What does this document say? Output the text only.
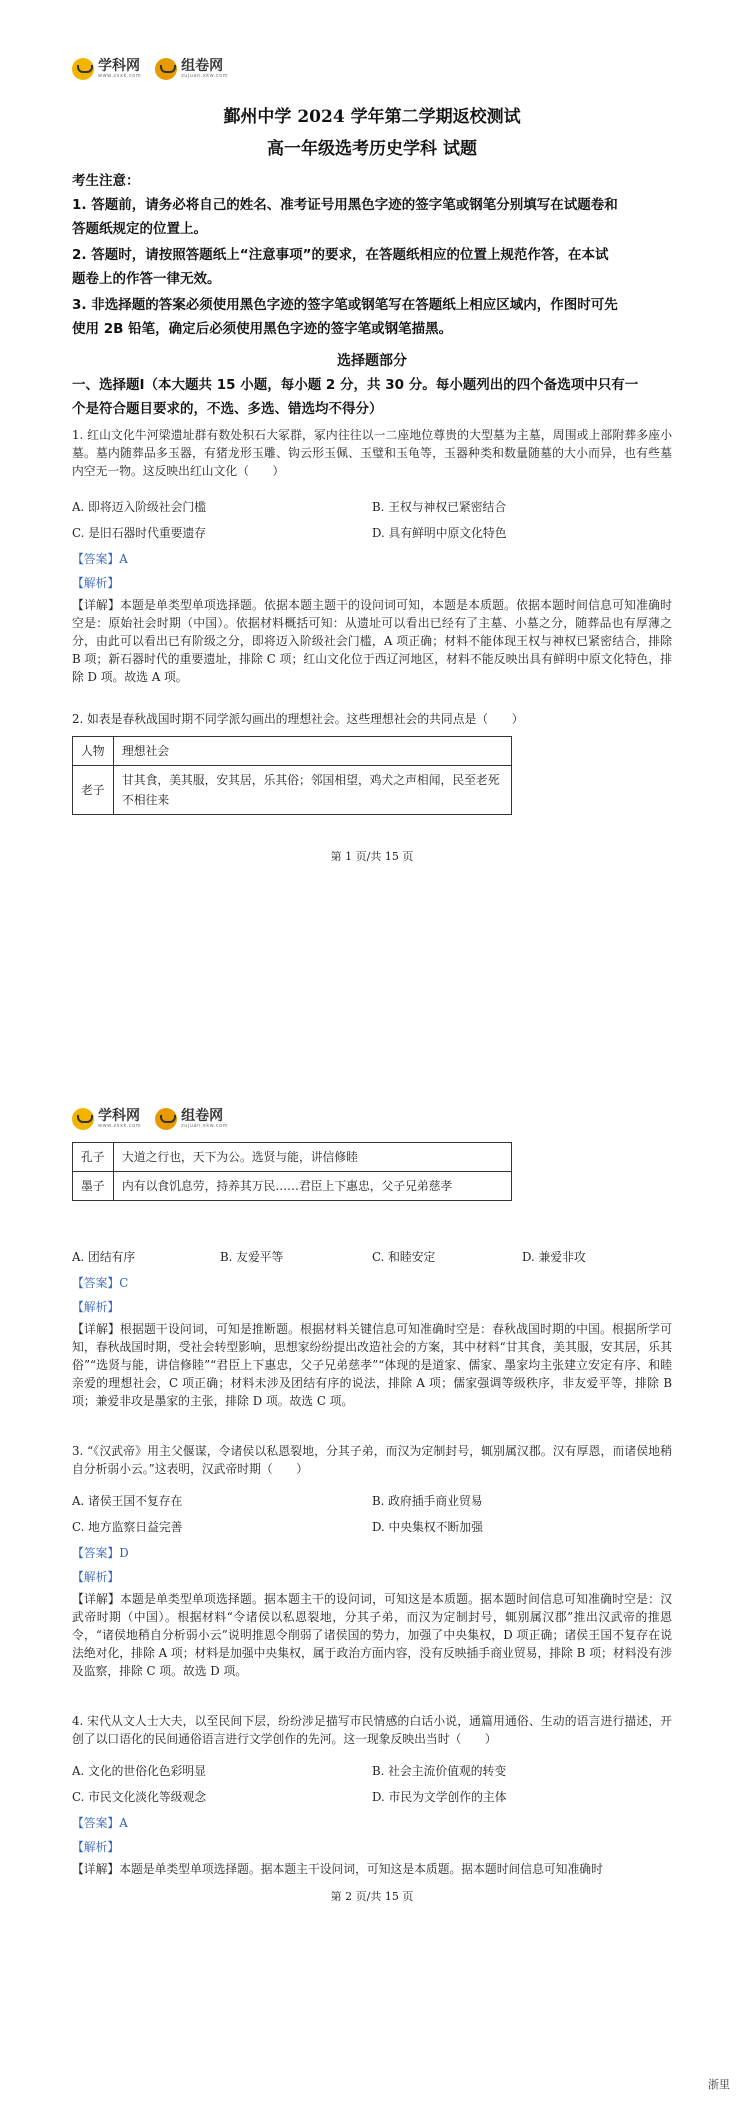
学科网
www.zxxk.com
组卷网
zujuan.xkw.com
鄞州中学 2024 学年第二学期返校测试
高一年级选考历史学科 试题
考生注意：
1. 答题前，请务必将自己的姓名、准考证号用黑色字迹的签字笔或钢笔分别填写在试题卷和
答题纸规定的位置上。
2. 答题时，请按照答题纸上“注意事项”的要求，在答题纸相应的位置上规范作答，在本试
题卷上的作答一律无效。
3. 非选择题的答案必须使用黑色字迹的签字笔或钢笔写在答题纸上相应区域内，作图时可先
使用 2B 铅笔，确定后必须使用黑色字迹的签字笔或钢笔描黑。
选择题部分
一、选择题Ⅰ（本大题共 15 小题，每小题 2 分，共 30 分。每小题列出的四个备选项中只有一
个是符合题目要求的，不选、多选、错选均不得分）
1. 红山文化牛河梁遗址群有数处积石大冢群，冢内往往以一二座地位尊贵的大型墓为主墓，周围或上部附葬多座小墓。墓内随葬品多玉器，有猪龙形玉雕、钩云形玉佩、玉璧和玉龟等，玉器种类和数量随墓的大小而异，也有些墓内空无一物。这反映出红山文化（　　）
A. 即将迈入阶级社会门槛	B. 王权与神权已紧密结合
C. 是旧石器时代重要遗存	D. 具有鲜明中原文化特色
【答案】A
【解析】
【详解】本题是单类型单项选择题。依据本题主题干的设问词可知，本题是本质题。依据本题时间信息可知准确时空是：原始社会时期（中国）。依据材料概括可知：从遗址可以看出已经有了主墓、小墓之分，随葬品也有厚薄之分，由此可以看出已有阶级之分，即将迈入阶级社会门槛，A 项正确；材料不能体现王权与神权已紧密结合，排除 B 项；新石器时代的重要遗址，排除 C 项；红山文化位于西辽河地区，材料不能反映出具有鲜明中原文化特色，排除 D 项。故选 A 项。
2. 如表是春秋战国时期不同学派勾画出的理想社会。这些理想社会的共同点是（　　）
人物	理想社会
老子	甘其食，美其服，安其居，乐其俗；邻国相望，鸡犬之声相闻，民至老死不相往来
第 1 页/共 15 页
学科网
www.zxxk.com
组卷网
zujuan.xkw.com
孔子	大道之行也，天下为公。选贤与能，讲信修睦
墨子	内有以食饥息劳，持养其万民……君臣上下惠忠，父子兄弟慈孝
A. 团结有序	B. 友爱平等	C. 和睦安定	D. 兼爱非攻
【答案】C
【解析】
【详解】根据题干设问词，可知是推断题。根据材料关键信息可知准确时空是：春秋战国时期的中国。根据所学可知，春秋战国时期，受社会转型影响，思想家纷纷提出改造社会的方案，其中材料“甘其食，美其服，安其居，乐其俗”“选贤与能，讲信修睦”“君臣上下惠忠，父子兄弟慈孝”“体现的是道家、儒家、墨家均主张建立安定有序、和睦亲爱的理想社会，C 项正确；材料未涉及团结有序的说法，排除 A 项；儒家强调等级秩序，非友爱平等，排除 B 项；兼爱非攻是墨家的主张，排除 D 项。故选 C 项。
3. “《汉武帝》用主父偃谋，令诸侯以私恩裂地，分其子弟，而汉为定制封号，辄别属汉郡。汉有厚恩，而诸侯地稍自分析弱小云。”这表明，汉武帝时期（　　）
A. 诸侯王国不复存在	B. 政府插手商业贸易
C. 地方监察日益完善	D. 中央集权不断加强
【答案】D
【解析】
【详解】本题是单类型单项选择题。据本题主干的设问词，可知这是本质题。据本题时间信息可知准确时空是：汉武帝时期（中国）。根据材料“令诸侯以私恩裂地，分其子弟，而汉为定制封号，辄别属汉郡”推出汉武帝的推恩令，“诸侯地稍自分析弱小云”说明推恩令削弱了诸侯国的势力，加强了中央集权，D 项正确；诸侯王国不复存在说法绝对化，排除 A 项；材料是加强中央集权，属于政治方面内容，没有反映插手商业贸易，排除 B 项；材料没有涉及监察，排除 C 项。故选 D 项。
4. 宋代从文人士大夫，以至民间下层，纷纷涉足描写市民情感的白话小说，通篇用通俗、生动的语言进行描述，开创了以口语化的民间通俗语言进行文学创作的先河。这一现象反映出当时（　　）
A. 文化的世俗化色彩明显	B. 社会主流价值观的转变
C. 市民文化淡化等级观念	D. 市民为文学创作的主体
【答案】A
【解析】
【详解】本题是单类型单项选择题。据本题主干设问词，可知这是本质题。据本题时间信息可知准确时
第 2 页/共 15 页
浙里
